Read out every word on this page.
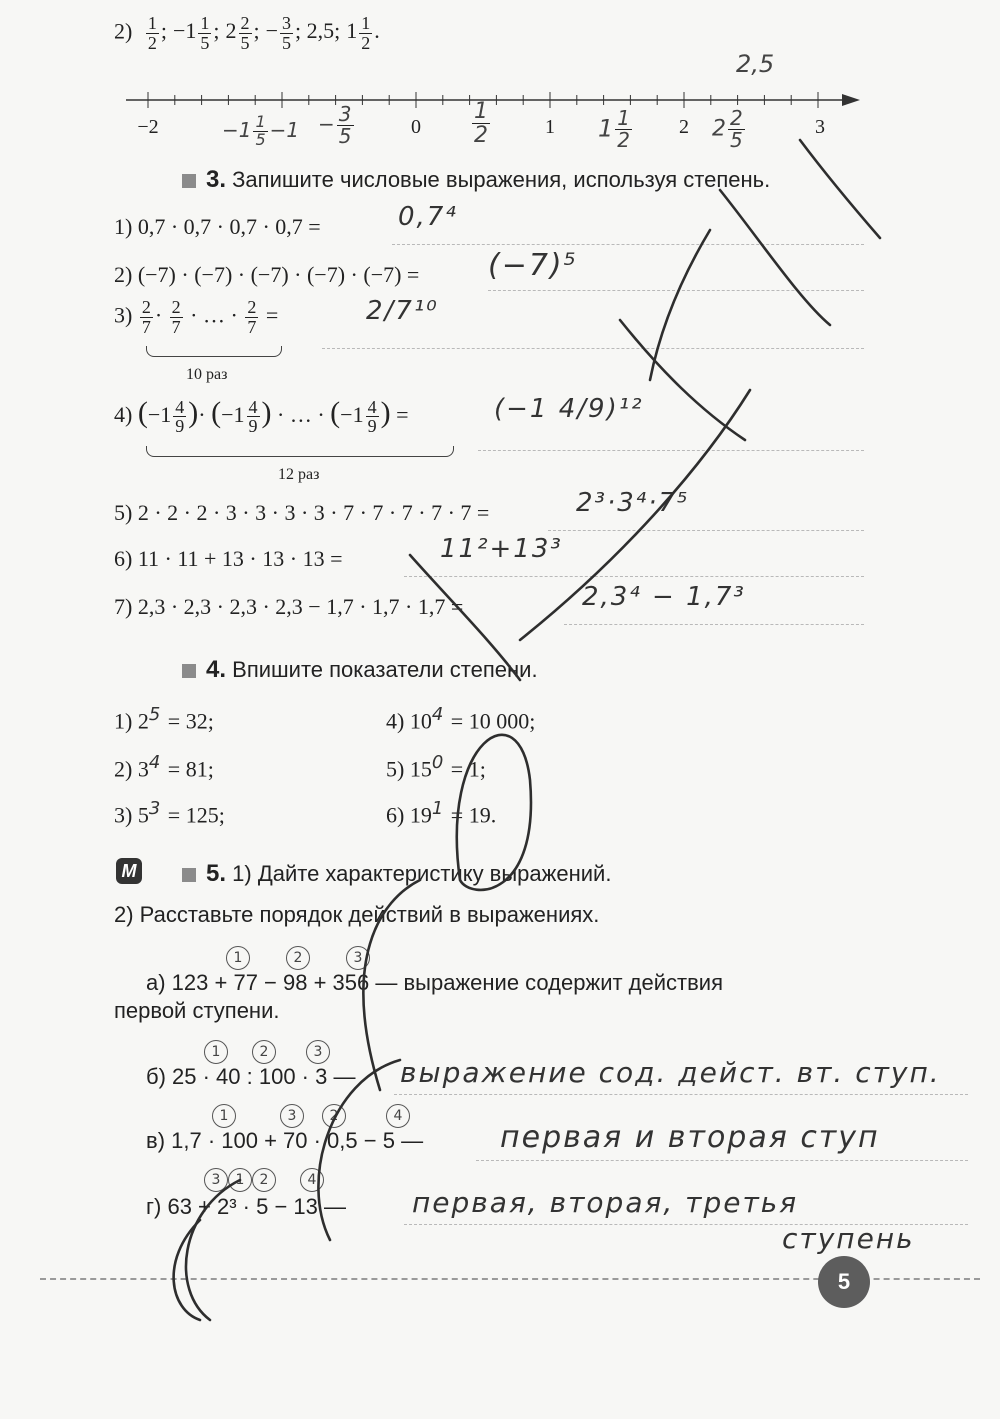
$2) \frac{1}{2}$ ; $-1 \frac{1}{5}$ ; $2 \frac{2}{5}$ ; − $\frac{3}{5}$ ; 2,5; $1 \frac{1}{2}$ .
−2	0	1	2	3
$-1 \frac{1}{5} -1 - \frac{3}{5}$	$\frac{1}{2}$	$1 \frac{1}{2}$	$2 \frac{2}{5}$
2,5
3. Запишите числовые выражения, используя степень.
1) 0,7 · 0,7 · 0,7 · 0,7 =	0,7⁴
2) (−7) · (−7) · (−7) · (−7) · (−7) = (−7)⁵
$3) \frac{2}{7} \cdot \frac{2}{7}$ · … · $\frac{2}{7}$ =
10 раз
2/7¹⁰
4) ($-1 \frac{4}{9}$ )· ($-1 \frac{4}{9}$ ) · … · ($-1 \frac{4}{9}$ ) =
12 раз
(−1 4/9)¹²
5) 2 · 2 · 2 · 3 · 3 · 3 · 3 · 7 · 7 · 7 · 7 · 7 =	2³·3⁴·7⁵
6) 11 · 11 + 13 · 13 · 13 =	11²+13³
7) 2,3 · 2,3 · 2,3 · 2,3 − 1,7 · 1,7 · 1,7 =	2,3⁴ − 1,7³
4. Впишите показатели степени.
1) $2^5 = 32$;
2) $3^4 = 81$;
3) $5^3 = 125$;
4) $10^4 = 10$ 000;
5) $15^0 = 1$;
6) $19^1 = 19$.
М	5. 1) Дайте характеристику выражений.
2) Расставьте порядок действий в выражениях.
1	2	3
а) 123 + 77 − 98 + 356 — выражение содержит действия
первой ступени.
1	2	3
б) 25 · 40 : 100 · 3 — выражение сод. дейст. вт. ступ.
1	3 2	4
в) 1,7 · 100 + 70 · 0,5 − 5 —	первая и вторая ступ
3 1 2	4
г) 63 + 2³ · 5 − 13 — первая, вторая, третья
ступень
5
